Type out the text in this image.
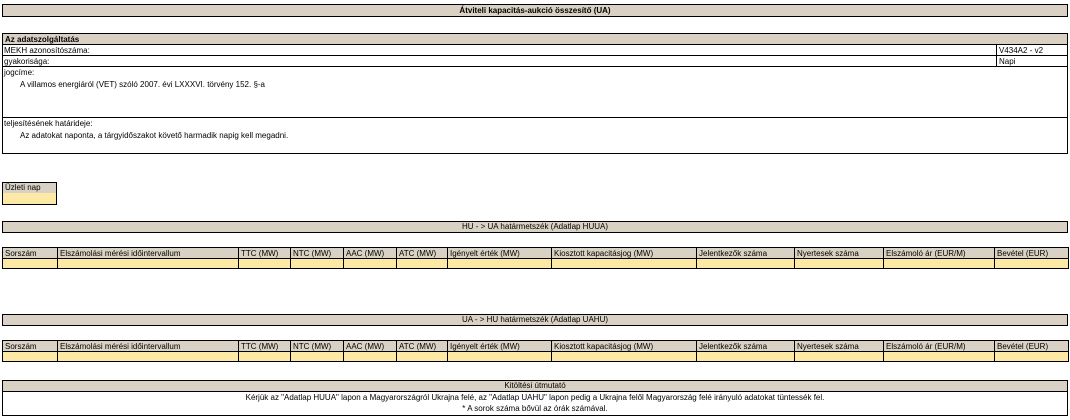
Átviteli kapacitás-aukció összesítő (UA)
Az adatszolgáltatás
MEKH azonosítószáma:	V434A2 - v2
gyakorisága:	Napi
jogcíme:
A villamos energiáról (VET) szóló 2007. évi LXXXVI. törvény 152. §-a
teljesítésének határideje:
Az adatokat naponta, a tárgyidőszakot követő harmadik napig kell megadni.
Üzleti nap
HU - > UA határmetszék (Adatlap HUUA)
Sorszám	Elszámolási mérési időintervallum	TTC (MW)	NTC (MW)	AAC (MW)	ATC (MW)	Igényelt érték (MW)	Kiosztott kapacitásjog (MW)	Jelentkezők száma	Nyertesek száma	Elszámoló ár (EUR/M)	Bevétel (EUR)
UA - > HU határmetszék (Adatlap UAHU)
Sorszám	Elszámolási mérési időintervallum	TTC (MW)	NTC (MW)	AAC (MW)	ATC (MW)	Igényelt érték (MW)	Kiosztott kapacitásjog (MW)	Jelentkezők száma	Nyertesek száma	Elszámoló ár (EUR/M)	Bevétel (EUR)
Kitöltési útmutató
Kérjük az "Adatlap HUUA" lapon a Magyarországról Ukrajna felé, az "Adatlap UAHU" lapon pedig a Ukrajna felől Magyarország felé irányuló adatokat tüntessék fel.
* A sorok száma bővül az órák számával.
